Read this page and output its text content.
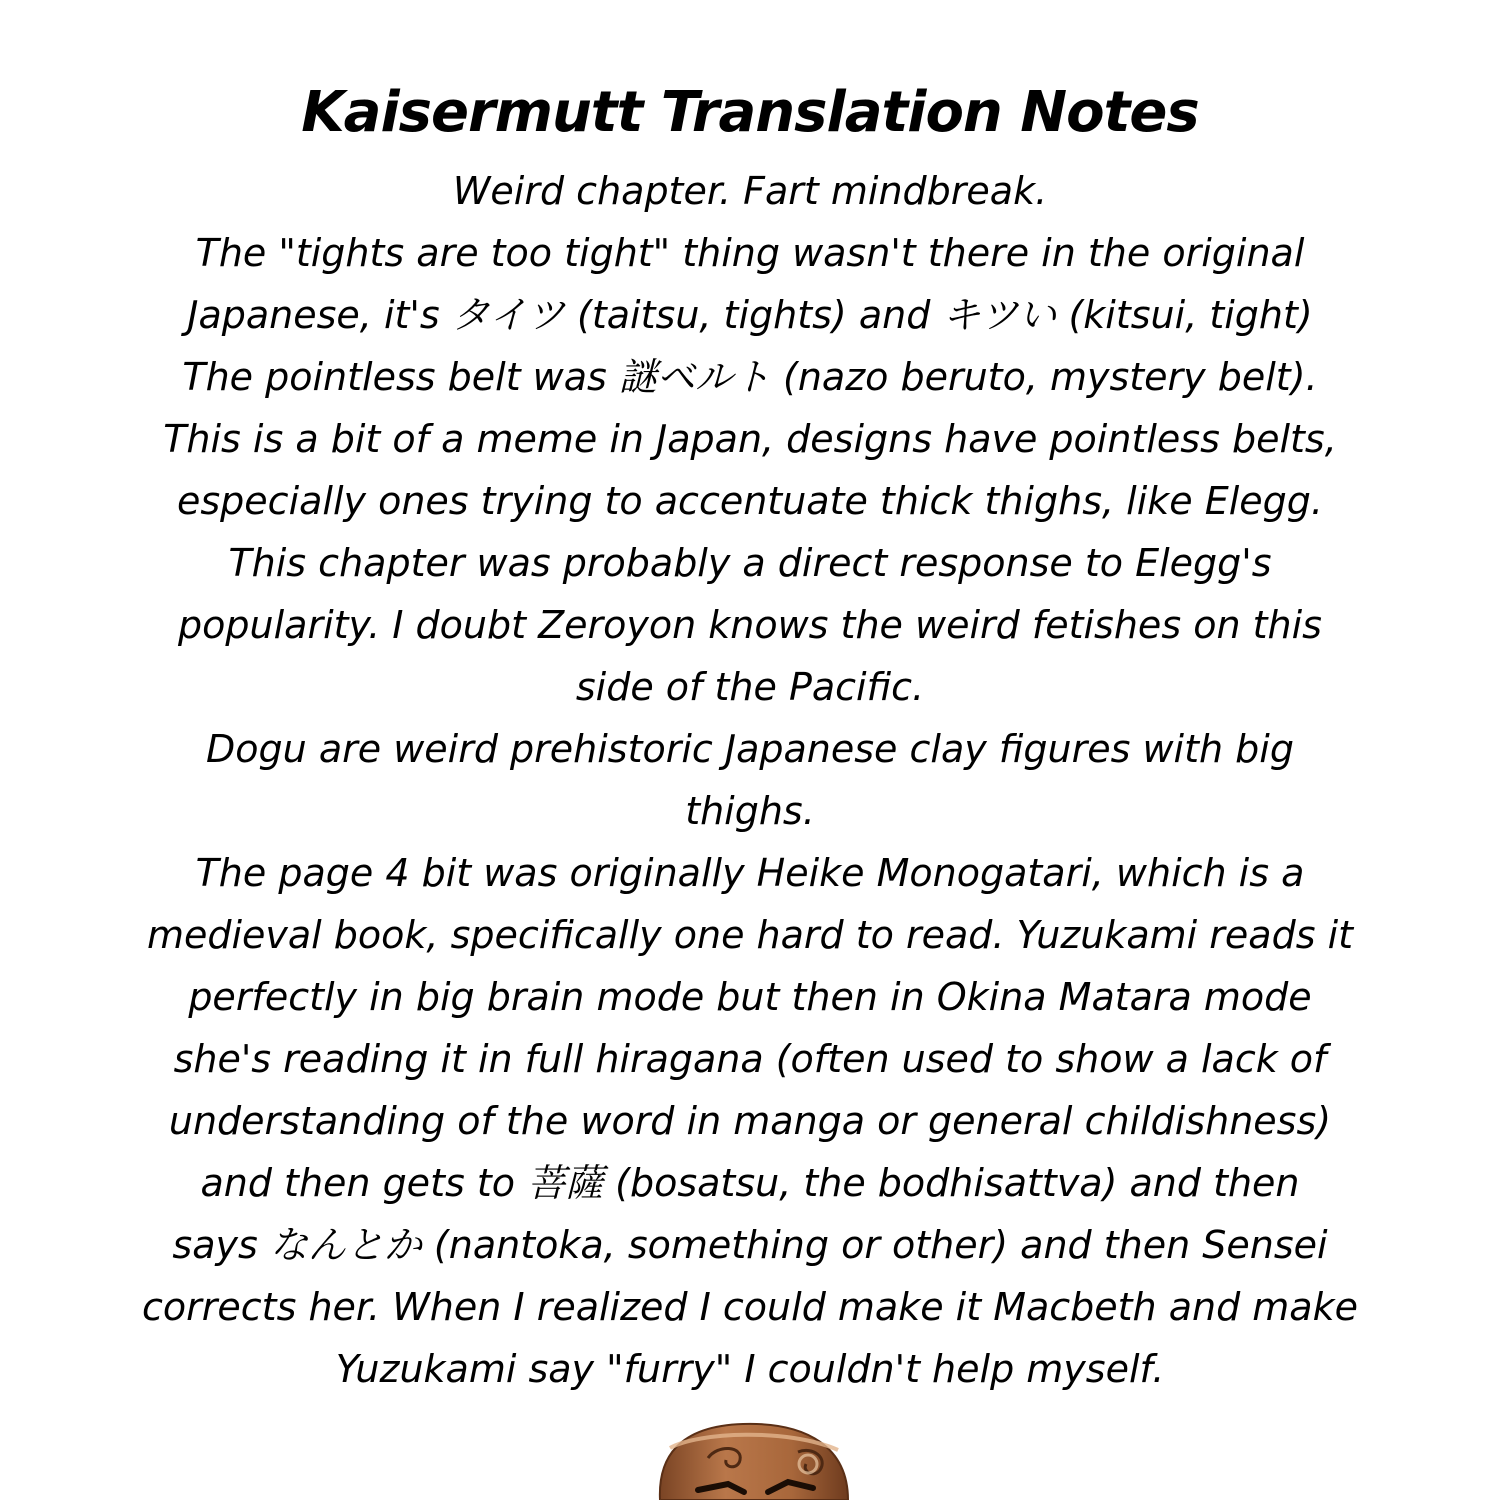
Kaisermutt Translation Notes
Weird chapter. Fart mindbreak.
The "tights are too tight" thing wasn't there in the original
Japanese, it's タイツ (taitsu, tights) and キツい (kitsui, tight)
The pointless belt was 謎ベルト (nazo beruto, mystery belt).
This is a bit of a meme in Japan, designs have pointless belts,
especially ones trying to accentuate thick thighs, like Elegg.
This chapter was probably a direct response to Elegg's
popularity. I doubt Zeroyon knows the weird fetishes on this
side of the Pacific.
Dogu are weird prehistoric Japanese clay figures with big
thighs.
The page 4 bit was originally Heike Monogatari, which is a
medieval book, specifically one hard to read. Yuzukami reads it
perfectly in big brain mode but then in Okina Matara mode
she's reading it in full hiragana (often used to show a lack of
understanding of the word in manga or general childishness)
and then gets to 菩薩 (bosatsu, the bodhisattva) and then
says なんとか (nantoka, something or other) and then Sensei
corrects her. When I realized I could make it Macbeth and make
Yuzukami say "furry" I couldn't help myself.
